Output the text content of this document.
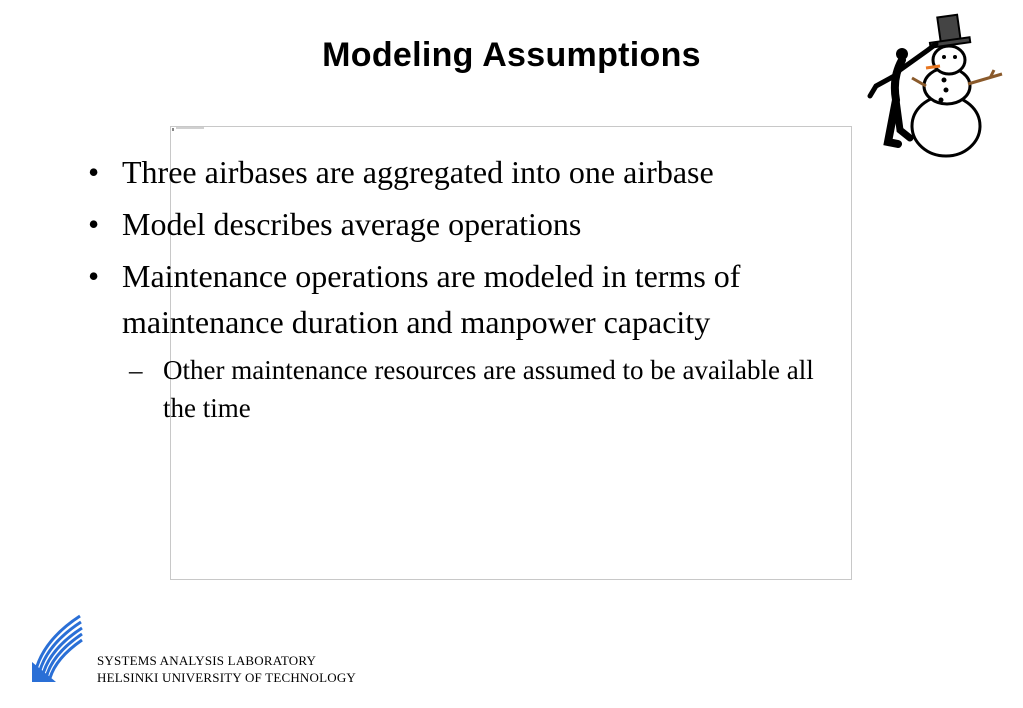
Modeling Assumptions
• Three airbases are aggregated into one airbase
• Model describes average operations
• Maintenance operations are modeled in terms of
maintenance duration and manpower capacity
– Other maintenance resources are assumed to be available all
the time
SYSTEMS ANALYSIS LABORATORY
HELSINKI UNIVERSITY OF TECHNOLOGY
